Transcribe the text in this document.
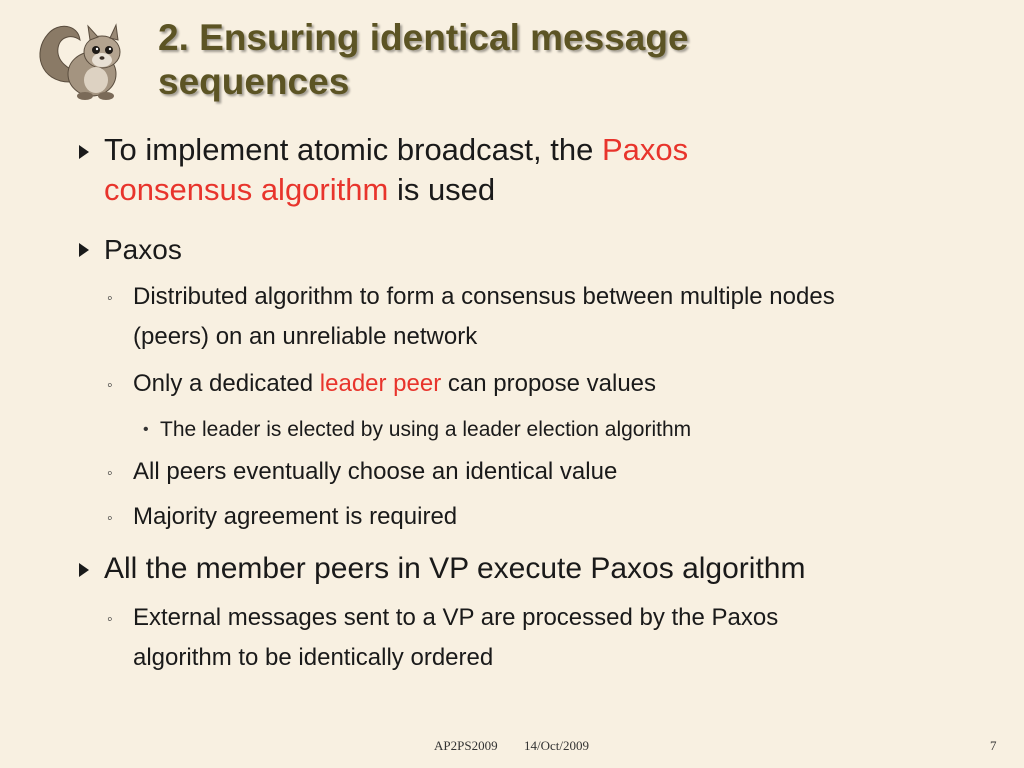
2. Ensuring identical message
sequences
To implement atomic broadcast, the Paxos
consensus algorithm is used
Paxos
◦ Distributed algorithm to form a consensus between multiple nodes
(peers) on an unreliable network
◦ Only a dedicated leader peer can propose values
• The leader is elected by using a leader election algorithm
◦ All peers eventually choose an identical value
◦ Majority agreement is required
All the member peers in VP execute Paxos algorithm
◦ External messages sent to a VP are processed by the Paxos
algorithm to be identically ordered
AP2PS2009 14/Oct/2009	7
